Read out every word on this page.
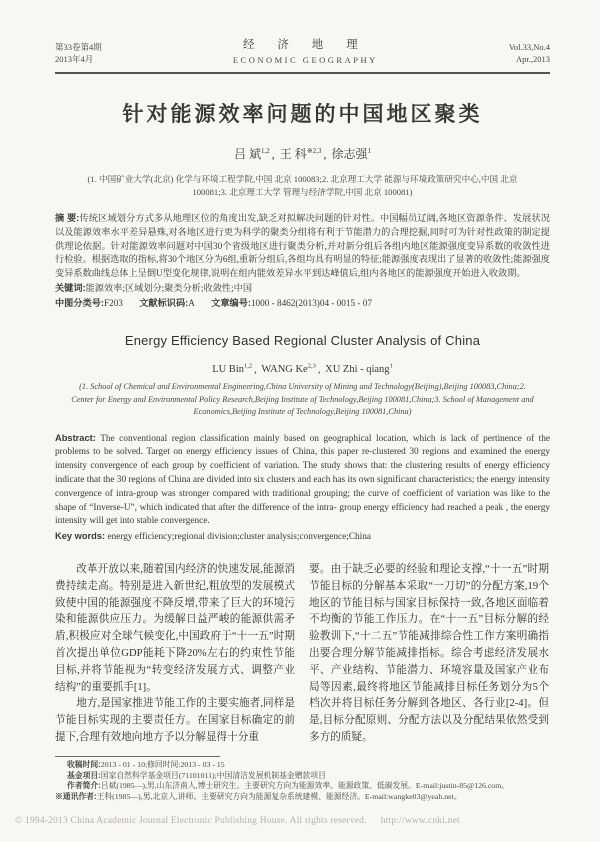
第33卷第4期
2013年4月
经 济 地 理
ECONOMIC GEOGRAPHY
Vol.33,No.4
Apr.,2013
针对能源效率问题的中国地区聚类
吕 斌$^{1,2}$ , 王 科$^{※2,3}$ , 徐志强$^1$
(1. 中国矿业大学(北京) 化学与环境工程学院,中国 北京 100083;2. 北京理工大学 能源与环境政策研究中心,中国 北京 100081;3. 北京理工大学 管理与经济学院,中国 北京 100081)
摘 要:传统区域划分方式多从地理区位的角度出发,缺乏对拟解决问题的针对性。中国幅员辽阔,各地区资源条件、发展状况以及能源效率水平差异悬殊,对各地区进行更为科学的聚类分组将有利于节能潜力的合理挖掘,同时可为针对性政策的制定提供理论依据。针对能源效率问题对中国30个省级地区进行聚类分析,并对新分组后各组内地区能源强度变异系数的收敛性进行检验。根据选取的指标,将30个地区分为6组,重新分组后,各组均具有明显的特征;能源强度表现出了显著的收敛性;能源强度变异系数曲线总体上呈倒U型变化规律,说明在组内能效差异水平到达峰值后,组内各地区的能源强度开始进入收敛期。
关键词:能源效率;区域划分;聚类分析;收敛性;中国
中图分类号:F203 文献标识码:A 文章编号:1000 - 8462(2013)04 - 0015 - 07
Energy Efficiency Based Regional Cluster Analysis of China
LU Bin$^{1,2}$ , WANG Ke$^{2,3}$ , XU Zhi - qiang$^1$
(1. School of Chemical and Environmental Engineering,China University of Mining and Technology(Beijing),Beijing 100083,China;2. Center for Energy and Environmental Policy Research,Beijing Institute of Technology,Beijing 100081,China;3. School of Management and Economics,Beijing Institute of Technology,Beijing 100081,China)
Abstract: The conventional region classification mainly based on geographical location, which is lack of pertinence of the problems to be solved. Target on energy efficiency issues of China, this paper re-clustered 30 regions and examined the energy intensity convergence of each group by coefficient of variation. The study shows that: the clustering results of energy efficiency indicate that the 30 regions of China are divided into six clusters and each has its own significant characteristics; the energy intensity convergence of intra-group was stronger compared with traditional grouping; the curve of coefficient of variation was like to the shape of “Inverse-U”, which indicated that after the difference of the intra- group energy efficiency had reached a peak , the energy intensity will get into stable convergence.
Key words: energy efficiency;regional division;cluster analysis;convergence;China

改革开放以来,随着国内经济的快速发展,能源消费持续走高。特别是进入新世纪,粗放型的发展模式致使中国的能源强度不降反增,带来了巨大的环境污染和能源供应压力。为缓解日益严峻的能源供需矛盾,积极应对全球气候变化,中国政府于“十一五”时期首次提出单位GDP能耗下降20%左右的约束性节能目标,并将节能视为“转变经济发展方式、调整产业结构”的重要抓手[1]。

地方,是国家推进节能工作的主要实施者,同样是节能目标实现的主要责任方。在国家目标确定的前提下,合理有效地向地方予以分解显得十分重

要。由于缺乏必要的经验和理论支撑,“十一五”时期节能目标的分解基本采取“一刀切”的分配方案,19个地区的节能目标与国家目标保持一致,各地区面临着不均衡的节能工作压力。在“十一五”目标分解的经验教训下,“十二五”节能减排综合性工作方案明确指出要合理分解节能减排指标。综合考虑经济发展水平、产业结构、节能潜力、环境容量及国家产业布局等因素,最终将地区节能减排目标任务划分为5个档次并将目标任务分解到各地区、各行业[2-4]。但是,目标分配原则、分配方法以及分配结果依然受到多方的质疑。

收稿时间:2013 - 01 - 10;修回时间:2013 - 03 - 15
基金项目:国家自然科学基金项目(71101011);中国清洁发展机制基金赠款项目
作者简介:吕斌(1985—),男,山东济南人,博士研究生。主要研究方向为能源效率、能源政策、低碳发展。E-mail:justin-85@126.com。
※通讯作者:王科(1985—),男,北京人,讲师。主要研究方向为能源复杂系统建模、能源经济。E-mail:wangke03@yeah.net。
© 1994-2013 China Academic Journal Electronic Publishing House. All rights reserved. http://www.cnki.net
